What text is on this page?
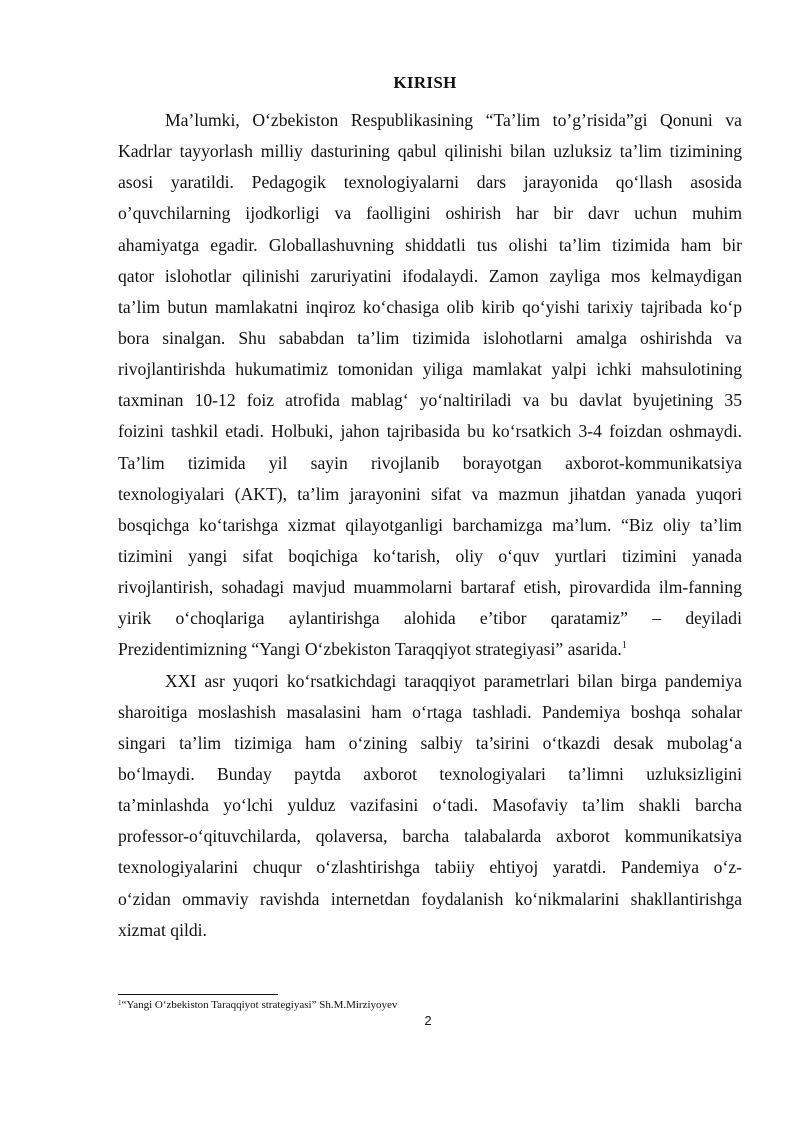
KIRISH
Ma’lumki, O‘zbekiston Respublikasining “Ta’lim to’g’risida”gi Qonuni va
Kadrlar tayyorlash milliy dasturining qabul qilinishi bilan uzluksiz ta’lim tizimining
asosi yaratildi. Pedagogik texnologiyalarni dars jarayonida qo‘llash asosida
o’quvchilarning ijodkorligi va faolligini oshirish har bir davr uchun muhim
ahamiyatga egadir. Globallashuvning shiddatli tus olishi ta’lim tizimida ham bir
qator islohotlar qilinishi zaruriyatini ifodalaydi. Zamon zayliga mos kelmaydigan
ta’lim butun mamlakatni inqiroz ko‘chasiga olib kirib qo‘yishi tarixiy tajribada ko‘p
bora sinalgan. Shu sababdan ta’lim tizimida islohotlarni amalga oshirishda va
rivojlantirishda hukumatimiz tomonidan yiliga mamlakat yalpi ichki mahsulotining
taxminan 10-12 foiz atrofida mablag‘ yo‘naltiriladi va bu davlat byujetining 35
foizini tashkil etadi. Holbuki, jahon tajribasida bu ko‘rsatkich 3-4 foizdan oshmaydi.
Ta’lim tizimida yil sayin rivojlanib borayotgan axborot-kommunikatsiya
texnologiyalari (AKT), ta’lim jarayonini sifat va mazmun jihatdan yanada yuqori
bosqichga ko‘tarishga xizmat qilayotganligi barchamizga ma’lum. “Biz oliy ta’lim
tizimini yangi sifat boqichiga ko‘tarish, oliy o‘quv yurtlari tizimini yanada
rivojlantirish, sohadagi mavjud muammolarni bartaraf etish, pirovardida ilm-fanning
yirik o‘choqlariga aylantirishga alohida e’tibor qaratamiz” – deyiladi
Prezidentimizning “Yangi O‘zbekiston Taraqqiyot strategiyasi” asarida.$^1$
XXI asr yuqori ko‘rsatkichdagi taraqqiyot parametrlari bilan birga pandemiya
sharoitiga moslashish masalasini ham o‘rtaga tashladi. Pandemiya boshqa sohalar
singari ta’lim tizimiga ham o‘zining salbiy ta’sirini o‘tkazdi desak mubolag‘a
bo‘lmaydi. Bunday paytda axborot texnologiyalari ta’limni uzluksizligini
ta’minlashda yo‘lchi yulduz vazifasini o‘tadi. Masofaviy ta’lim shakli barcha
professor-o‘qituvchilarda, qolaversa, barcha talabalarda axborot kommunikatsiya
texnologiyalarini chuqur o‘zlashtirishga tabiiy ehtiyoj yaratdi. Pandemiya o‘z-
o‘zidan ommaviy ravishda internetdan foydalanish ko‘nikmalarini shakllantirishga
xizmat qildi.
$^1$“Yangi O‘zbekiston Taraqqiyot strategiyasi” Sh.M.Mirziyoyev
2
